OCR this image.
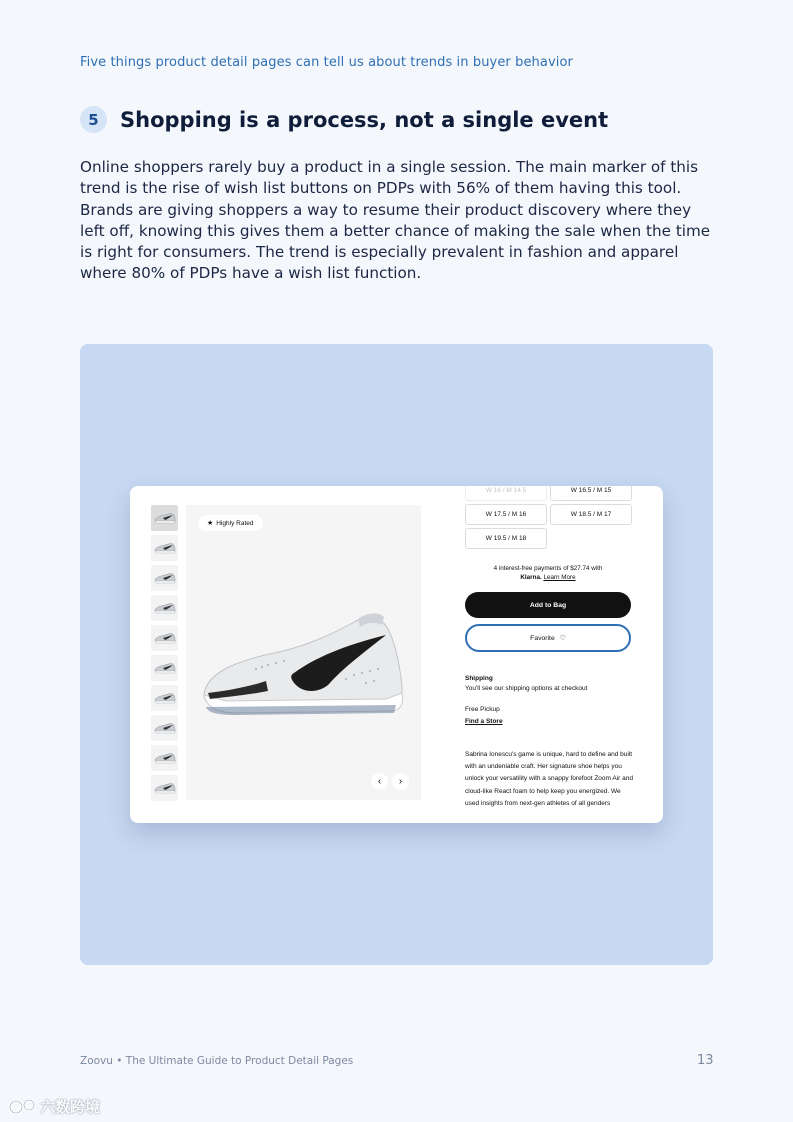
Five things product detail pages can tell us about trends in buyer behavior
5	Shopping is a process, not a single event

Online shoppers rarely buy a product in a single session. The main marker of this trend is the rise of wish list buttons on PDPs with 56% of them having this tool. Brands are giving shoppers a way to resume their product discovery where they left off, knowing this gives them a better chance of making the sale when the time is right for consumers. The trend is especially prevalent in fashion and apparel where 80% of PDPs have a wish list function.

★ Highly Rated
‹	›
W 16 / M 14.5	W 16.5 / M 15
W 17.5 / M 16	W 18.5 / M 17
W 19.5 / M 18
4 interest-free payments of $27.74 with
Klarna. Learn More
Add to Bag
Favorite ♡
Shipping
You'll see our shipping options at checkout
Free Pickup
Find a Store
Sabrina Ionescu's game is unique, hard to define and built with an undeniable craft. Her signature shoe helps you unlock your versatility with a snappy forefoot Zoom Air and cloud-like React foam to help keep you energized. We used insights from next-gen athletes of all genders
Zoovu • The Ultimate Guide to Product Detail Pages	13
六数跨境
